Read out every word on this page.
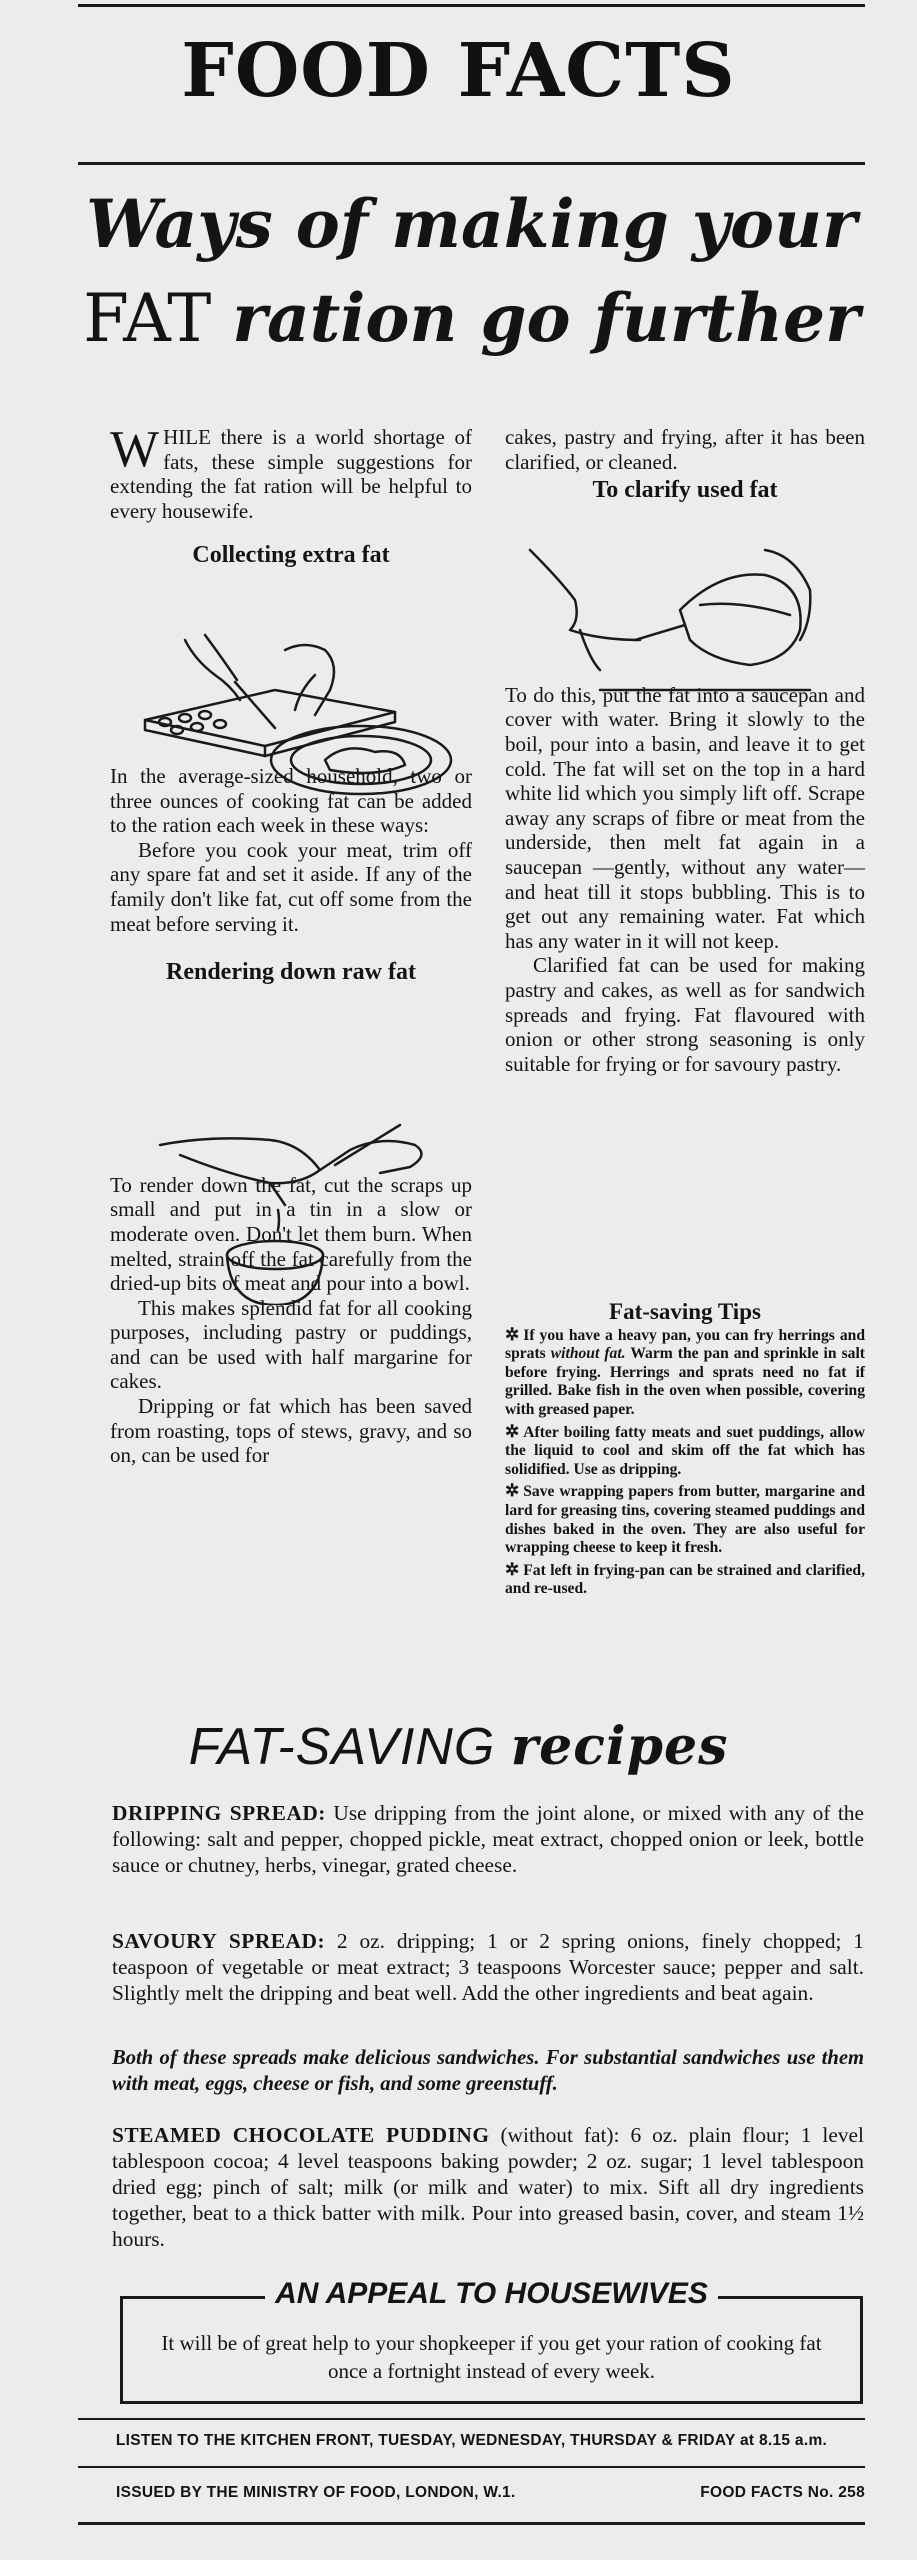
FOOD FACTS
Ways of making your
FAT ration go further

WHILE there is a world shortage of fats, these simple suggestions for extending the fat ration will be helpful to every housewife.

Collecting extra fat

In the average-sized household, two or three ounces of cooking fat can be added to the ration each week in these ways:

Before you cook your meat, trim off any spare fat and set it aside. If any of the family don't like fat, cut off some from the meat before serving it.

Rendering down raw fat

To render down the fat, cut the scraps up small and put in a tin in a slow or moderate oven. Don't let them burn. When melted, strain off the fat carefully from the dried-up bits of meat and pour into a bowl.

This makes splendid fat for all cooking purposes, including pastry or puddings, and can be used with half margarine for cakes.

Dripping or fat which has been saved from roasting, tops of stews, gravy, and so on, can be used for

cakes, pastry and frying, after it has been clarified, or cleaned.

To clarify used fat

To do this, put the fat into a saucepan and cover with water. Bring it slowly to the boil, pour into a basin, and leave it to get cold. The fat will set on the top in a hard white lid which you simply lift off. Scrape away any scraps of fibre or meat from the underside, then melt fat again in a saucepan —gently, without any water—and heat till it stops bubbling. This is to get out any remaining water. Fat which has any water in it will not keep.

Clarified fat can be used for making pastry and cakes, as well as for sandwich spreads and frying. Fat flavoured with onion or other strong seasoning is only suitable for frying or for savoury pastry.

Fat-saving Tips

✲ If you have a heavy pan, you can fry herrings and sprats without fat. Warm the pan and sprinkle in salt before frying. Herrings and sprats need no fat if grilled. Bake fish in the oven when possible, covering with greased paper.

✲ After boiling fatty meats and suet puddings, allow the liquid to cool and skim off the fat which has solidified. Use as dripping.

✲ Save wrapping papers from butter, margarine and lard for greasing tins, covering steamed puddings and dishes baked in the oven. They are also useful for wrapping cheese to keep it fresh.

✲ Fat left in frying-pan can be strained and clarified, and re-used.

FAT-SAVING recipes

DRIPPING SPREAD: Use dripping from the joint alone, or mixed with any of the following: salt and pepper, chopped pickle, meat extract, chopped onion or leek, bottle sauce or chutney, herbs, vinegar, grated cheese.

SAVOURY SPREAD: 2 oz. dripping; 1 or 2 spring onions, finely chopped; 1 teaspoon of vegetable or meat extract; 3 teaspoons Worcester sauce; pepper and salt. Slightly melt the dripping and beat well. Add the other ingredients and beat again.

Both of these spreads make delicious sandwiches. For substantial sandwiches use them with meat, eggs, cheese or fish, and some greenstuff.

STEAMED CHOCOLATE PUDDING (without fat): 6 oz. plain flour; 1 level tablespoon cocoa; 4 level teaspoons baking powder; 2 oz. sugar; 1 level tablespoon dried egg; pinch of salt; milk (or milk and water) to mix. Sift all dry ingredients together, beat to a thick batter with milk. Pour into greased basin, cover, and steam 1½ hours.

AN APPEAL TO HOUSEWIVES
It will be of great help to your shopkeeper if you get your ration of cooking fat once a fortnight instead of every week.
LISTEN TO THE KITCHEN FRONT, TUESDAY, WEDNESDAY, THURSDAY & FRIDAY at 8.15 a.m.
ISSUED BY THE MINISTRY OF FOOD, LONDON, W.1.	FOOD FACTS No. 258
